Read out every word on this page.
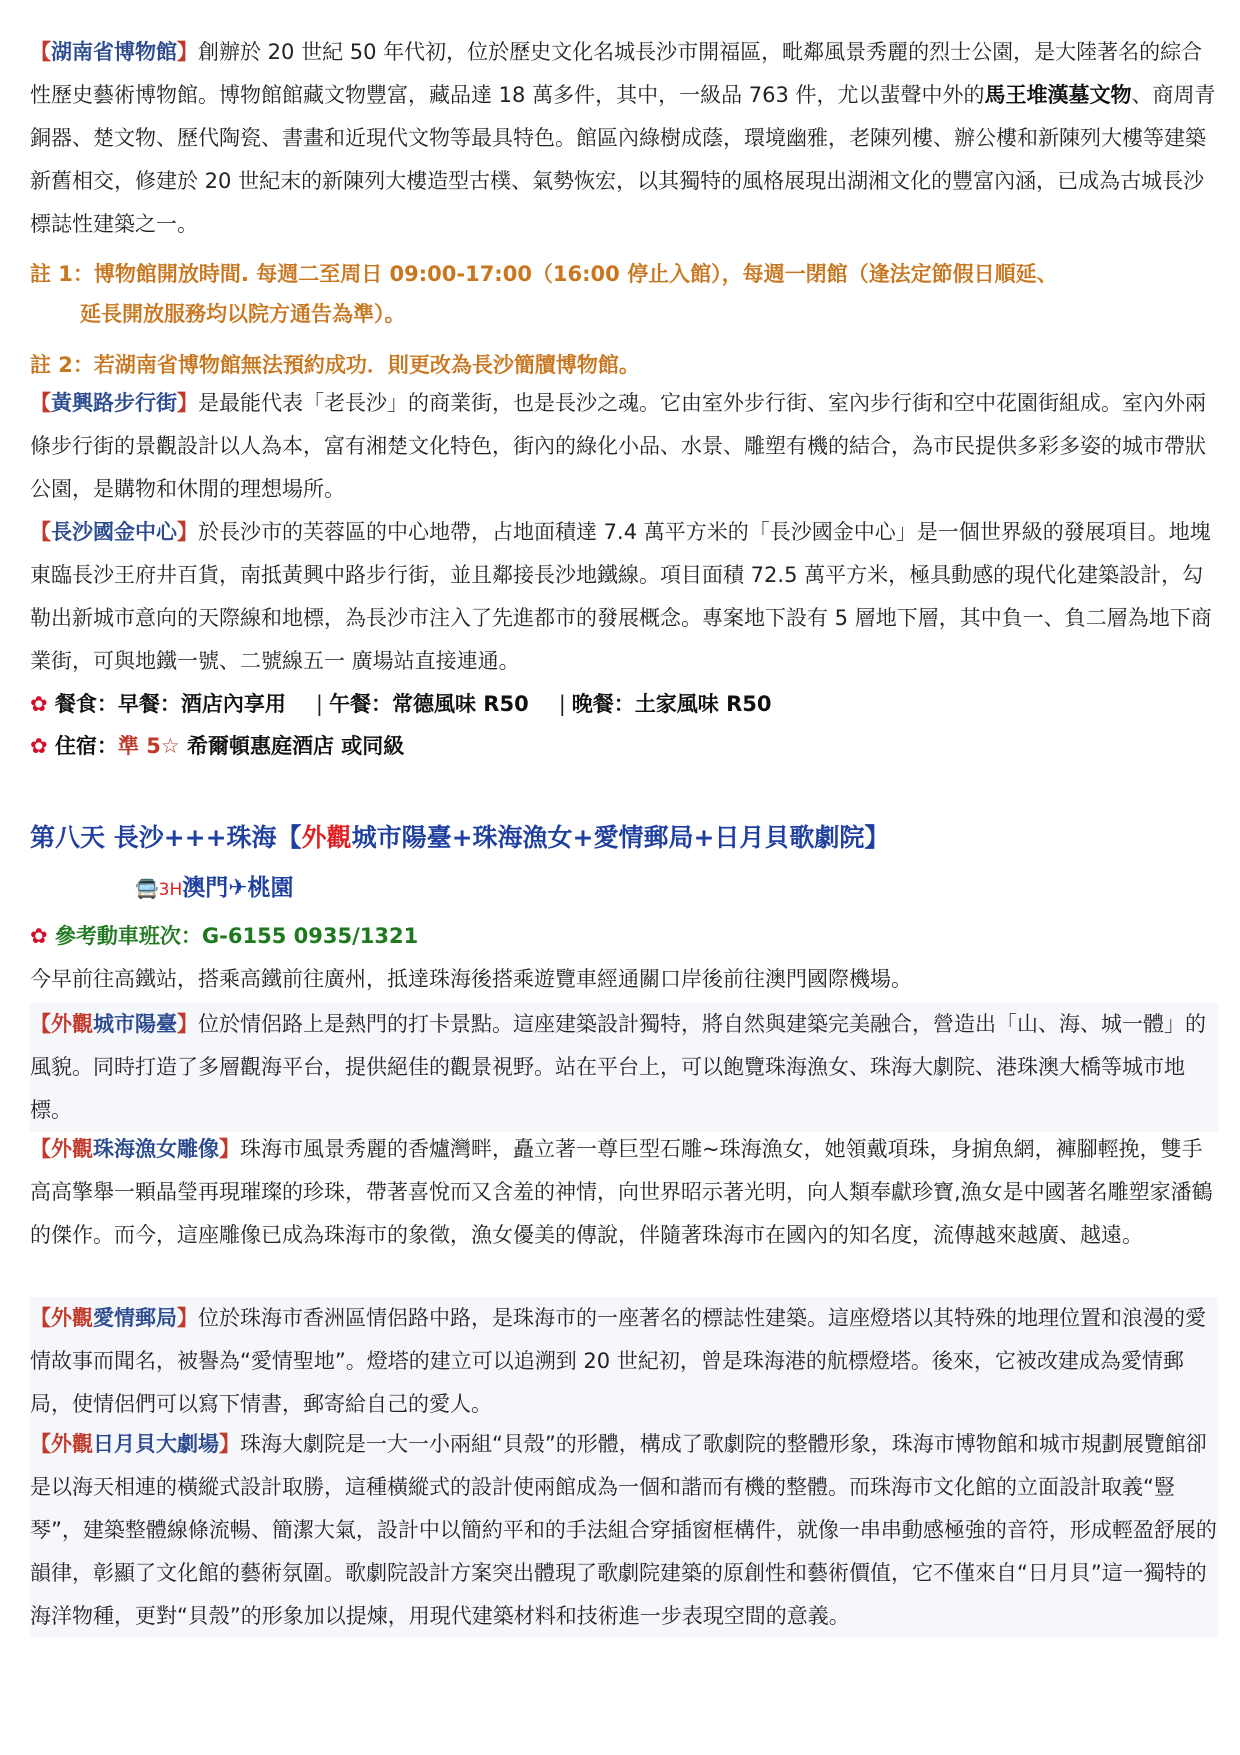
【湖南省博物館】創辦於 20 世紀 50 年代初，位於歷史文化名城長沙市開福區，毗鄰風景秀麗的烈士公園，是大陸著名的綜合性歷史藝術博物館。博物館館藏文物豐富，藏品達 18 萬多件，其中，一級品 763 件，尤以蜚聲中外的馬王堆漢墓文物、商周青銅器、楚文物、歷代陶瓷、書畫和近現代文物等最具特色。館區內綠樹成蔭，環境幽雅，老陳列樓、辦公樓和新陳列大樓等建築新舊相交，修建於 20 世紀末的新陳列大樓造型古樸、氣勢恢宏，以其獨特的風格展現出湖湘文化的豐富內涵，已成為古城長沙標誌性建築之一。

註 1：博物館開放時間. 每週二至周日 09:00-17:00（16:00 停止入館），每週一閉館（逢法定節假日順延、

延長開放服務均以院方通告為準）。

註 2：若湖南省博物館無法預約成功．則更改為長沙簡牘博物館。

【黃興路步行街】是最能代表「老長沙」的商業街，也是長沙之魂。它由室外步行街、室內步行街和空中花園街組成。室內外兩條步行街的景觀設計以人為本，富有湘楚文化特色，街內的綠化小品、水景、雕塑有機的結合，為市民提供多彩多姿的城市帶狀公園，是購物和休閒的理想場所。

【長沙國金中心】於長沙市的芙蓉區的中心地帶，占地面積達 7.4 萬平方米的「長沙國金中心」是一個世界級的發展項目。地塊東臨長沙王府井百貨，南抵黃興中路步行街，並且鄰接長沙地鐵線。項目面積 72.5 萬平方米，極具動感的現代化建築設計，勾勒出新城市意向的天際線和地標，為長沙市注入了先進都市的發展概念。專案地下設有 5 層地下層，其中負一、負二層為地下商業街，可與地鐵一號、二號線五一 廣場站直接連通。

✿ 餐食：早餐：酒店內享用 | 午餐：常德風味 R50 | 晚餐：土家風味 R50

✿ 住宿：準 5☆ 希爾頓惠庭酒店 或同級

第八天 長沙+++珠海【外觀城市陽臺+珠海漁女+愛情郵局+日月貝歌劇院】

🚍3H澳門✈桃園

✿ 參考動車班次：G-6155 0935/1321

今早前往高鐵站，搭乘高鐵前往廣州，抵達珠海後搭乘遊覽車經通關口岸後前往澳門國際機場。

【外觀城市陽臺】位於情侶路上是熱門的打卡景點。這座建築設計獨特，將自然與建築完美融合，營造出「山、海、城一體」的風貌。同時打造了多層觀海平台，提供絕佳的觀景視野。站在平台上，可以飽覽珠海漁女、珠海大劇院、港珠澳大橋等城市地標。

【外觀珠海漁女雕像】珠海市風景秀麗的香爐灣畔，矗立著一尊巨型石雕~珠海漁女，她領戴項珠，身掮魚網，褲腳輕挽，雙手高高擎舉一顆晶瑩再現璀璨的珍珠，帶著喜悅而又含羞的神情，向世界昭示著光明，向人類奉獻珍寶,漁女是中國著名雕塑家潘鶴的傑作。而今，這座雕像已成為珠海市的象徵，漁女優美的傳說，伴隨著珠海市在國內的知名度，流傳越來越廣、越遠。

【外觀愛情郵局】位於珠海市香洲區情侶路中路，是珠海市的一座著名的標誌性建築。這座燈塔以其特殊的地理位置和浪漫的愛情故事而聞名，被譽為“愛情聖地”。燈塔的建立可以追溯到 20 世紀初，曾是珠海港的航標燈塔。後來，它被改建成為愛情郵局，使情侶們可以寫下情書，郵寄給自己的愛人。

【外觀日月貝大劇場】珠海大劇院是一大一小兩組“貝殼”的形體，構成了歌劇院的整體形象，珠海市博物館和城市規劃展覽館卻是以海天相連的橫縱式設計取勝，這種橫縱式的設計使兩館成為一個和諧而有機的整體。而珠海市文化館的立面設計取義“豎琴”，建築整體線條流暢、簡潔大氣，設計中以簡約平和的手法組合穿插窗框構件，就像一串串動感極強的音符，形成輕盈舒展的韻律，彰顯了文化館的藝術氛圍。歌劇院設計方案突出體現了歌劇院建築的原創性和藝術價值，它不僅來自“日月貝”這一獨特的海洋物種，更對“貝殼”的形象加以提煉，用現代建築材料和技術進一步表現空間的意義。
